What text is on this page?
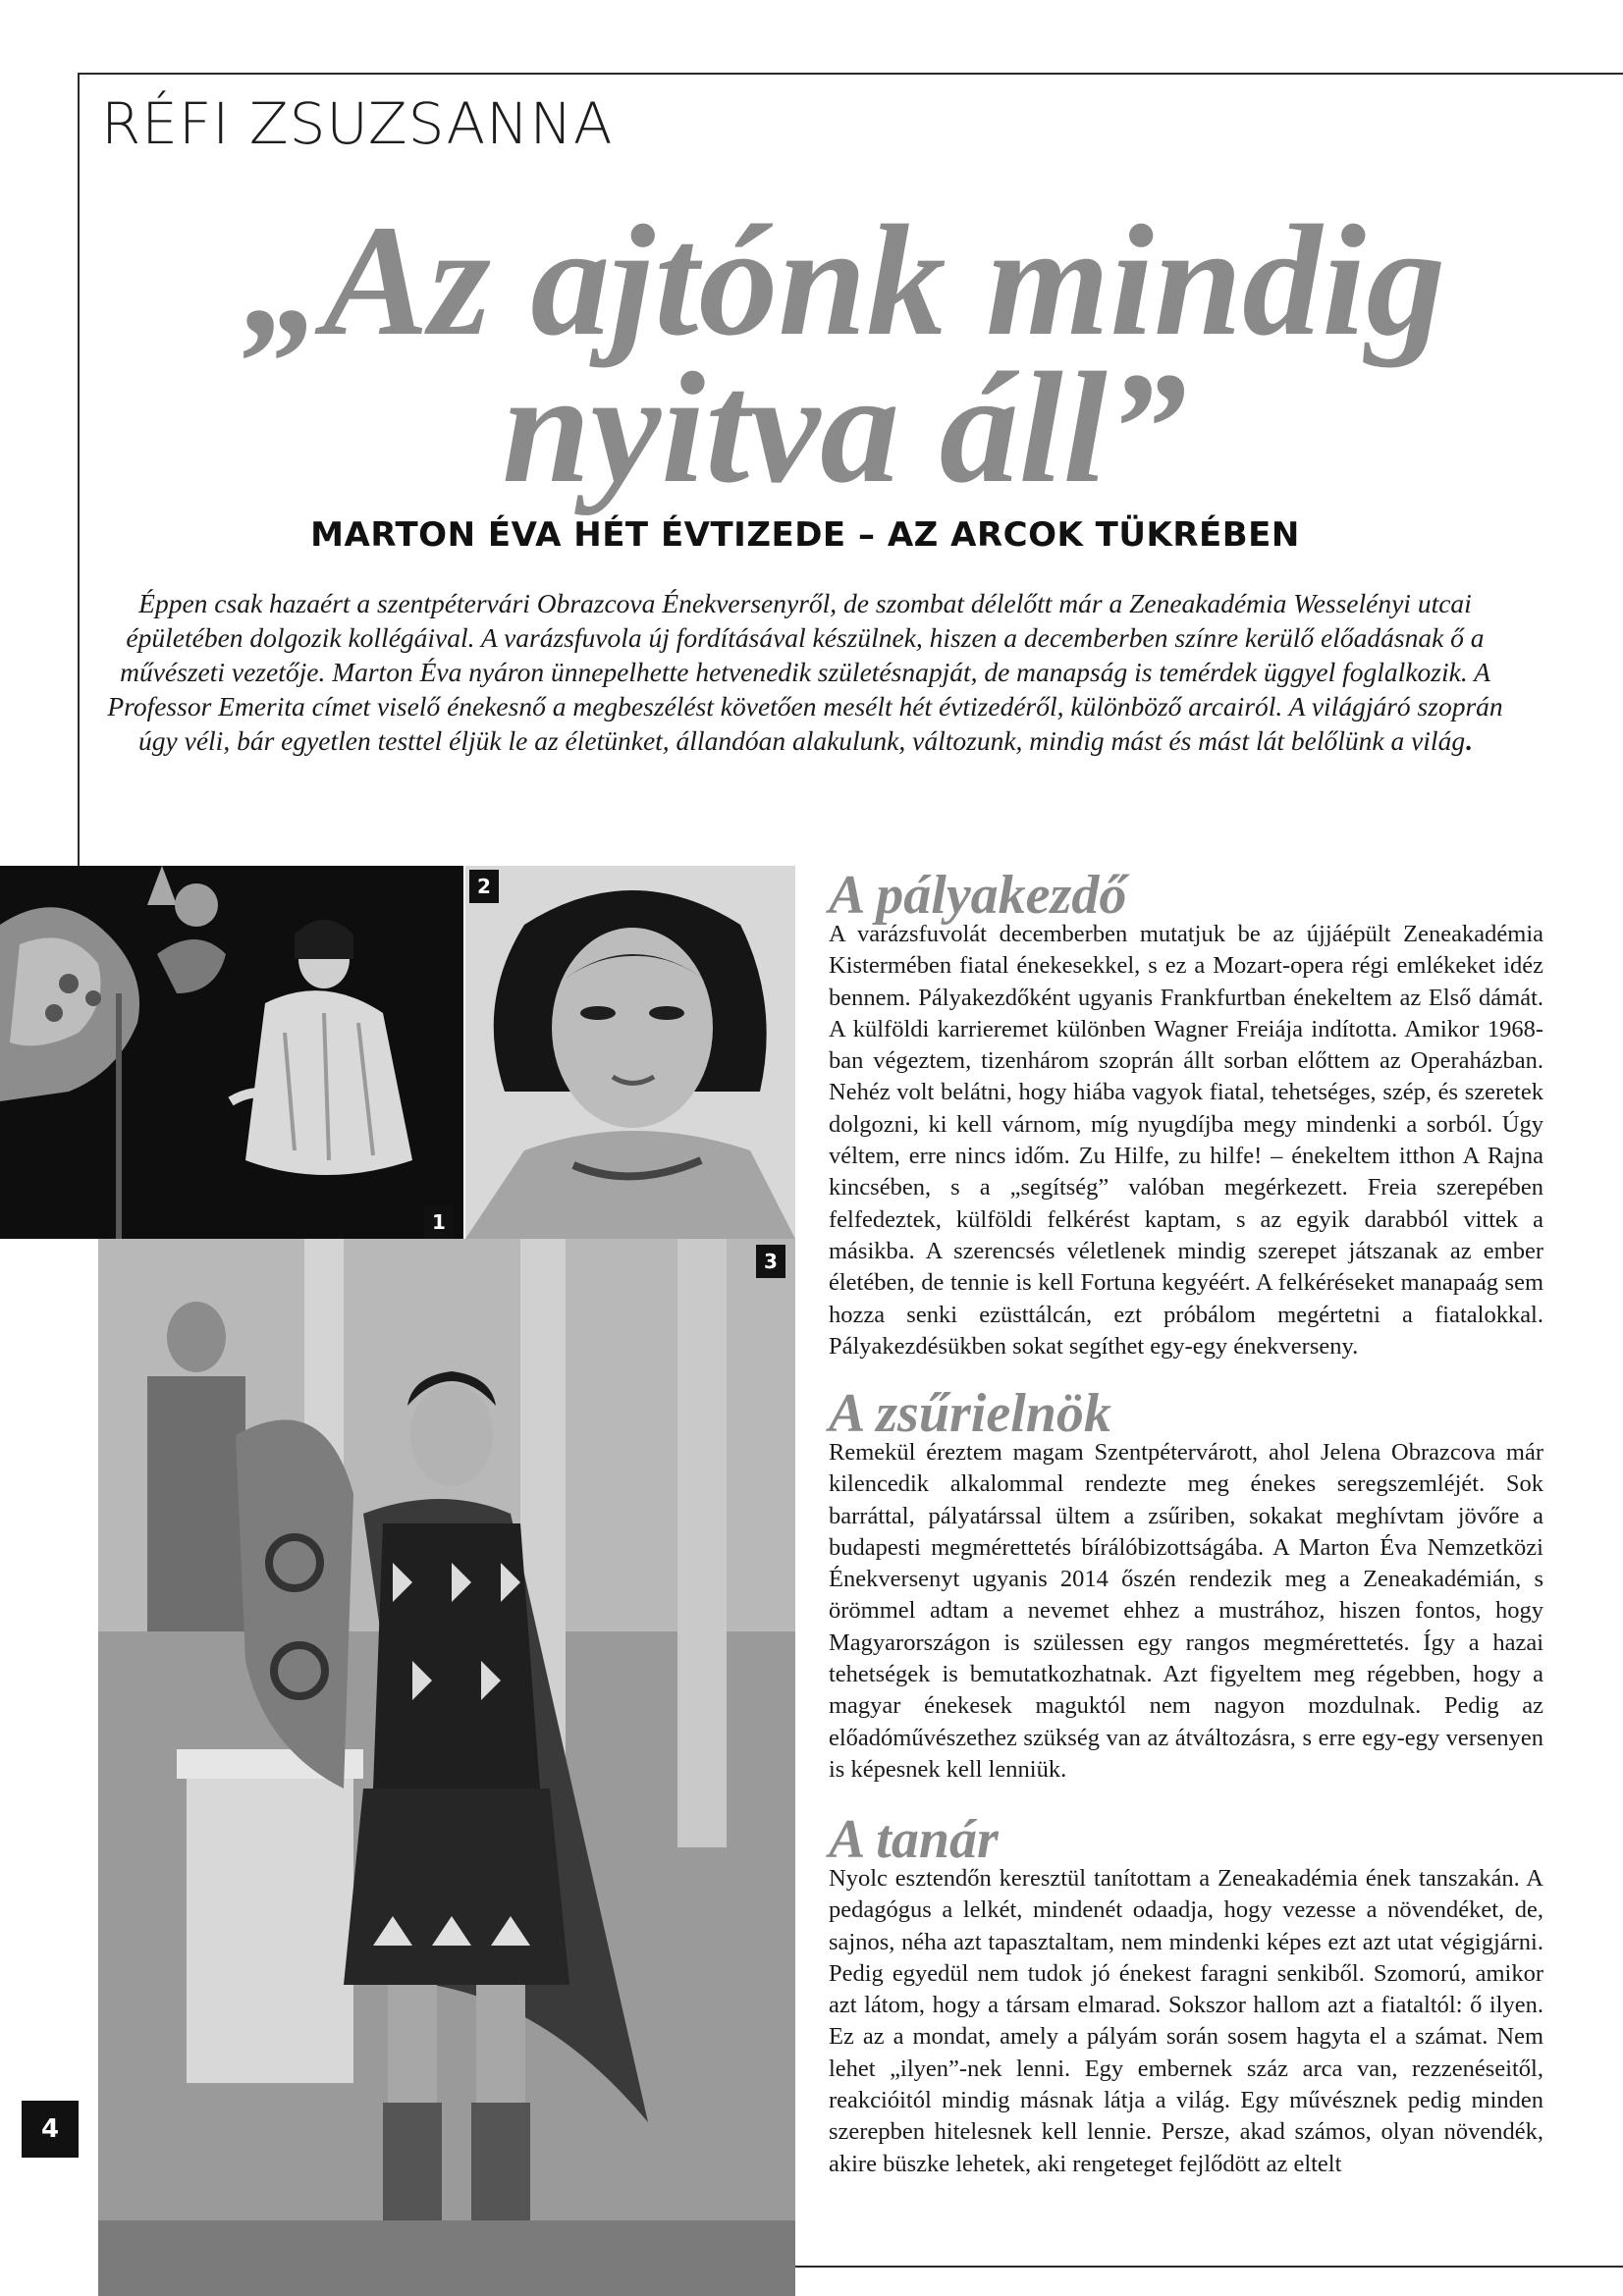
RÉFI ZSUZSANNA
„Az ajtónk mindig
nyitva áll”
MARTON ÉVA HÉT ÉVTIZEDE – AZ ARCOK TÜKRÉBEN
Éppen csak hazaért a szentpétervári Obrazcova Énekversenyről, de szombat délelőtt már a Zeneakadémia Wesselényi utcai épületében dolgozik kollégáival. A varázsfuvola új fordításával készülnek, hiszen a decemberben színre kerülő előadásnak ő a művészeti vezetője. Marton Éva nyáron ünnepelhette hetvenedik születésnapját, de manapság is temérdek üggyel foglalkozik. A Professor Emerita címet viselő énekesnő a megbeszélést követően mesélt hét évtizedéről, különböző arcairól. A világjáró szoprán úgy véli, bár egyetlen testtel éljük le az életünket, állandóan alakulunk, változunk, mindig mást és mást lát belőlünk a világ.
1
2
3
4
A pályakezdő

A varázsfuvolát decemberben mutatjuk be az újjáépült Zeneakadémia Kistermében fiatal énekesekkel, s ez a Mozart-opera régi emlékeket idéz bennem. Pályakezdőként ugyanis Frankfurtban énekeltem az Első dámát. A külföldi karrieremet különben Wagner Freiája indította. Amikor 1968-ban végeztem, tizenhárom szoprán állt sorban előttem az Operaházban. Nehéz volt belátni, hogy hiába vagyok fiatal, tehetséges, szép, és szeretek dolgozni, ki kell várnom, míg nyugdíjba megy mindenki a sorból. Úgy véltem, erre nincs időm. Zu Hilfe, zu hilfe! – énekeltem itthon A Rajna kincsében, s a „segítség” valóban megérkezett. Freia szerepében felfedeztek, külföldi felkérést kaptam, s az egyik darabból vittek a másikba. A szerencsés véletlenek mindig szerepet játszanak az ember életében, de tennie is kell Fortuna kegyéért. A felkéréseket manapaág sem hozza senki ezüsttálcán, ezt próbálom megértetni a fiatalokkal. Pályakezdésükben sokat segíthet egy-egy énekverseny.

A zsűrielnök

Remekül éreztem magam Szentpétervárott, ahol Jelena Obrazcova már kilencedik alkalommal rendezte meg énekes seregszemléjét. Sok barráttal, pályatárssal ültem a zsűriben, sokakat meghívtam jövőre a budapesti megmérettetés bírálóbizottságába. A Marton Éva Nemzetközi Énekversenyt ugyanis 2014 őszén rendezik meg a Zeneakadémián, s örömmel adtam a nevemet ehhez a mustrához, hiszen fontos, hogy Magyarországon is szülessen egy rangos megmérettetés. Így a hazai tehetségek is bemutatkozhatnak. Azt figyeltem meg régebben, hogy a magyar énekesek maguktól nem nagyon mozdulnak. Pedig az előadóművészethez szükség van az átváltozásra, s erre egy-egy versenyen is képesnek kell lenniük.

A tanár

Nyolc esztendőn keresztül tanítottam a Zeneakadémia ének tanszakán. A pedagógus a lelkét, mindenét odaadja, hogy vezesse a növendéket, de, sajnos, néha azt tapasztaltam, nem mindenki képes ezt azt utat végigjárni. Pedig egyedül nem tudok jó énekest faragni senkiből. Szomorú, amikor azt látom, hogy a társam elmarad. Sokszor hallom azt a fiataltól: ő ilyen. Ez az a mondat, amely a pályám során sosem hagyta el a számat. Nem lehet „ilyen”-nek lenni. Egy embernek száz arca van, rezzenéseitől, reakcióitól mindig másnak látja a világ. Egy művésznek pedig minden szerepben hitelesnek kell lennie. Persze, akad számos, olyan növendék, akire büszke lehetek, aki rengeteget fejlődött az eltelt
